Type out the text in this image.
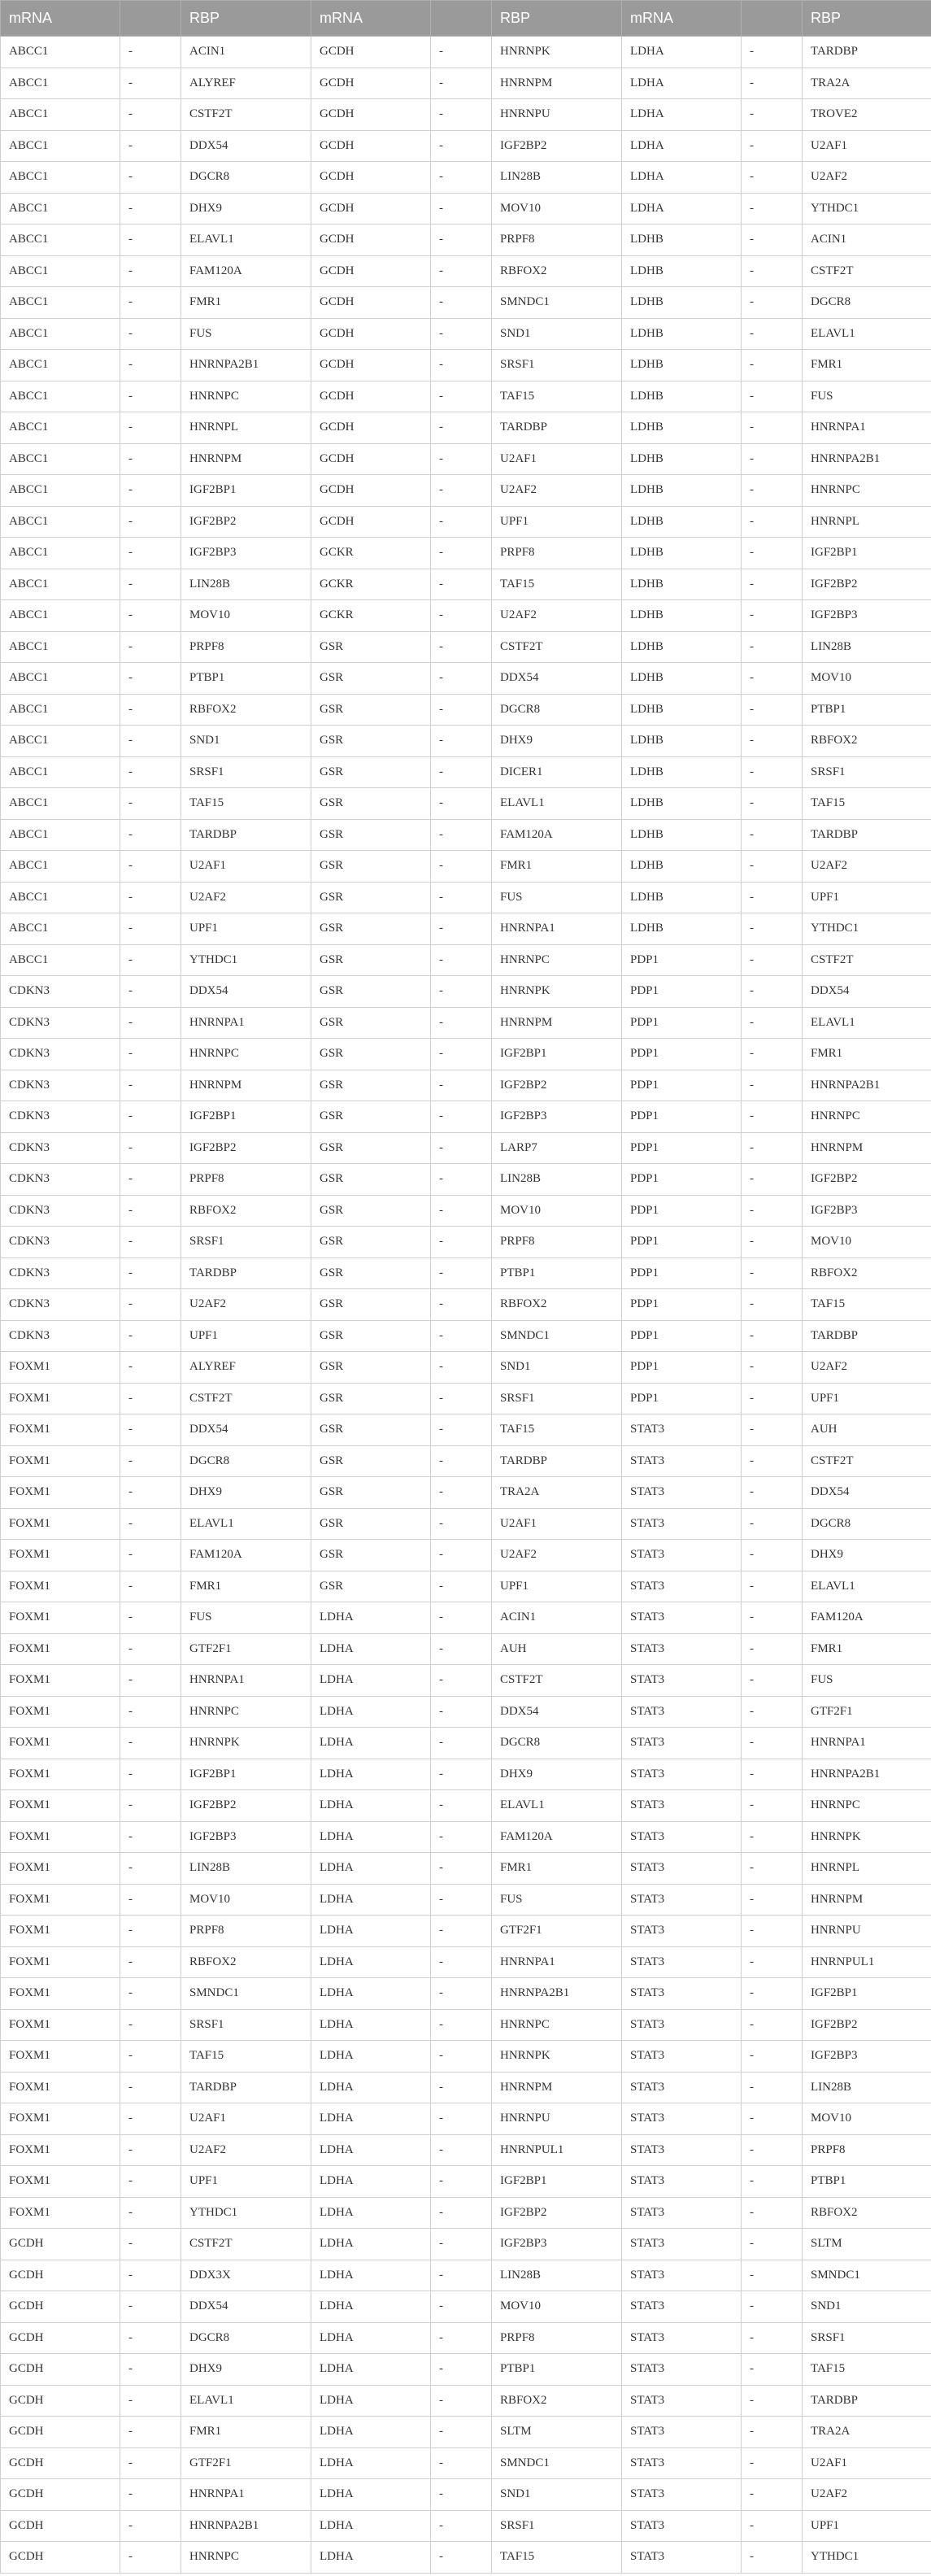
mRNA		RBP	mRNA		RBP	mRNA		RBP
ABCC1	-	ACIN1	GCDH	-	HNRNPK	LDHA	-	TARDBP
ABCC1	-	ALYREF	GCDH	-	HNRNPM	LDHA	-	TRA2A
ABCC1	-	CSTF2T	GCDH	-	HNRNPU	LDHA	-	TROVE2
ABCC1	-	DDX54	GCDH	-	IGF2BP2	LDHA	-	U2AF1
ABCC1	-	DGCR8	GCDH	-	LIN28B	LDHA	-	U2AF2
ABCC1	-	DHX9	GCDH	-	MOV10	LDHA	-	YTHDC1
ABCC1	-	ELAVL1	GCDH	-	PRPF8	LDHB	-	ACIN1
ABCC1	-	FAM120A	GCDH	-	RBFOX2	LDHB	-	CSTF2T
ABCC1	-	FMR1	GCDH	-	SMNDC1	LDHB	-	DGCR8
ABCC1	-	FUS	GCDH	-	SND1	LDHB	-	ELAVL1
ABCC1	-	HNRNPA2B1	GCDH	-	SRSF1	LDHB	-	FMR1
ABCC1	-	HNRNPC	GCDH	-	TAF15	LDHB	-	FUS
ABCC1	-	HNRNPL	GCDH	-	TARDBP	LDHB	-	HNRNPA1
ABCC1	-	HNRNPM	GCDH	-	U2AF1	LDHB	-	HNRNPA2B1
ABCC1	-	IGF2BP1	GCDH	-	U2AF2	LDHB	-	HNRNPC
ABCC1	-	IGF2BP2	GCDH	-	UPF1	LDHB	-	HNRNPL
ABCC1	-	IGF2BP3	GCKR	-	PRPF8	LDHB	-	IGF2BP1
ABCC1	-	LIN28B	GCKR	-	TAF15	LDHB	-	IGF2BP2
ABCC1	-	MOV10	GCKR	-	U2AF2	LDHB	-	IGF2BP3
ABCC1	-	PRPF8	GSR	-	CSTF2T	LDHB	-	LIN28B
ABCC1	-	PTBP1	GSR	-	DDX54	LDHB	-	MOV10
ABCC1	-	RBFOX2	GSR	-	DGCR8	LDHB	-	PTBP1
ABCC1	-	SND1	GSR	-	DHX9	LDHB	-	RBFOX2
ABCC1	-	SRSF1	GSR	-	DICER1	LDHB	-	SRSF1
ABCC1	-	TAF15	GSR	-	ELAVL1	LDHB	-	TAF15
ABCC1	-	TARDBP	GSR	-	FAM120A	LDHB	-	TARDBP
ABCC1	-	U2AF1	GSR	-	FMR1	LDHB	-	U2AF2
ABCC1	-	U2AF2	GSR	-	FUS	LDHB	-	UPF1
ABCC1	-	UPF1	GSR	-	HNRNPA1	LDHB	-	YTHDC1
ABCC1	-	YTHDC1	GSR	-	HNRNPC	PDP1	-	CSTF2T
CDKN3	-	DDX54	GSR	-	HNRNPK	PDP1	-	DDX54
CDKN3	-	HNRNPA1	GSR	-	HNRNPM	PDP1	-	ELAVL1
CDKN3	-	HNRNPC	GSR	-	IGF2BP1	PDP1	-	FMR1
CDKN3	-	HNRNPM	GSR	-	IGF2BP2	PDP1	-	HNRNPA2B1
CDKN3	-	IGF2BP1	GSR	-	IGF2BP3	PDP1	-	HNRNPC
CDKN3	-	IGF2BP2	GSR	-	LARP7	PDP1	-	HNRNPM
CDKN3	-	PRPF8	GSR	-	LIN28B	PDP1	-	IGF2BP2
CDKN3	-	RBFOX2	GSR	-	MOV10	PDP1	-	IGF2BP3
CDKN3	-	SRSF1	GSR	-	PRPF8	PDP1	-	MOV10
CDKN3	-	TARDBP	GSR	-	PTBP1	PDP1	-	RBFOX2
CDKN3	-	U2AF2	GSR	-	RBFOX2	PDP1	-	TAF15
CDKN3	-	UPF1	GSR	-	SMNDC1	PDP1	-	TARDBP
FOXM1	-	ALYREF	GSR	-	SND1	PDP1	-	U2AF2
FOXM1	-	CSTF2T	GSR	-	SRSF1	PDP1	-	UPF1
FOXM1	-	DDX54	GSR	-	TAF15	STAT3	-	AUH
FOXM1	-	DGCR8	GSR	-	TARDBP	STAT3	-	CSTF2T
FOXM1	-	DHX9	GSR	-	TRA2A	STAT3	-	DDX54
FOXM1	-	ELAVL1	GSR	-	U2AF1	STAT3	-	DGCR8
FOXM1	-	FAM120A	GSR	-	U2AF2	STAT3	-	DHX9
FOXM1	-	FMR1	GSR	-	UPF1	STAT3	-	ELAVL1
FOXM1	-	FUS	LDHA	-	ACIN1	STAT3	-	FAM120A
FOXM1	-	GTF2F1	LDHA	-	AUH	STAT3	-	FMR1
FOXM1	-	HNRNPA1	LDHA	-	CSTF2T	STAT3	-	FUS
FOXM1	-	HNRNPC	LDHA	-	DDX54	STAT3	-	GTF2F1
FOXM1	-	HNRNPK	LDHA	-	DGCR8	STAT3	-	HNRNPA1
FOXM1	-	IGF2BP1	LDHA	-	DHX9	STAT3	-	HNRNPA2B1
FOXM1	-	IGF2BP2	LDHA	-	ELAVL1	STAT3	-	HNRNPC
FOXM1	-	IGF2BP3	LDHA	-	FAM120A	STAT3	-	HNRNPK
FOXM1	-	LIN28B	LDHA	-	FMR1	STAT3	-	HNRNPL
FOXM1	-	MOV10	LDHA	-	FUS	STAT3	-	HNRNPM
FOXM1	-	PRPF8	LDHA	-	GTF2F1	STAT3	-	HNRNPU
FOXM1	-	RBFOX2	LDHA	-	HNRNPA1	STAT3	-	HNRNPUL1
FOXM1	-	SMNDC1	LDHA	-	HNRNPA2B1	STAT3	-	IGF2BP1
FOXM1	-	SRSF1	LDHA	-	HNRNPC	STAT3	-	IGF2BP2
FOXM1	-	TAF15	LDHA	-	HNRNPK	STAT3	-	IGF2BP3
FOXM1	-	TARDBP	LDHA	-	HNRNPM	STAT3	-	LIN28B
FOXM1	-	U2AF1	LDHA	-	HNRNPU	STAT3	-	MOV10
FOXM1	-	U2AF2	LDHA	-	HNRNPUL1	STAT3	-	PRPF8
FOXM1	-	UPF1	LDHA	-	IGF2BP1	STAT3	-	PTBP1
FOXM1	-	YTHDC1	LDHA	-	IGF2BP2	STAT3	-	RBFOX2
GCDH	-	CSTF2T	LDHA	-	IGF2BP3	STAT3	-	SLTM
GCDH	-	DDX3X	LDHA	-	LIN28B	STAT3	-	SMNDC1
GCDH	-	DDX54	LDHA	-	MOV10	STAT3	-	SND1
GCDH	-	DGCR8	LDHA	-	PRPF8	STAT3	-	SRSF1
GCDH	-	DHX9	LDHA	-	PTBP1	STAT3	-	TAF15
GCDH	-	ELAVL1	LDHA	-	RBFOX2	STAT3	-	TARDBP
GCDH	-	FMR1	LDHA	-	SLTM	STAT3	-	TRA2A
GCDH	-	GTF2F1	LDHA	-	SMNDC1	STAT3	-	U2AF1
GCDH	-	HNRNPA1	LDHA	-	SND1	STAT3	-	U2AF2
GCDH	-	HNRNPA2B1	LDHA	-	SRSF1	STAT3	-	UPF1
GCDH	-	HNRNPC	LDHA	-	TAF15	STAT3	-	YTHDC1
